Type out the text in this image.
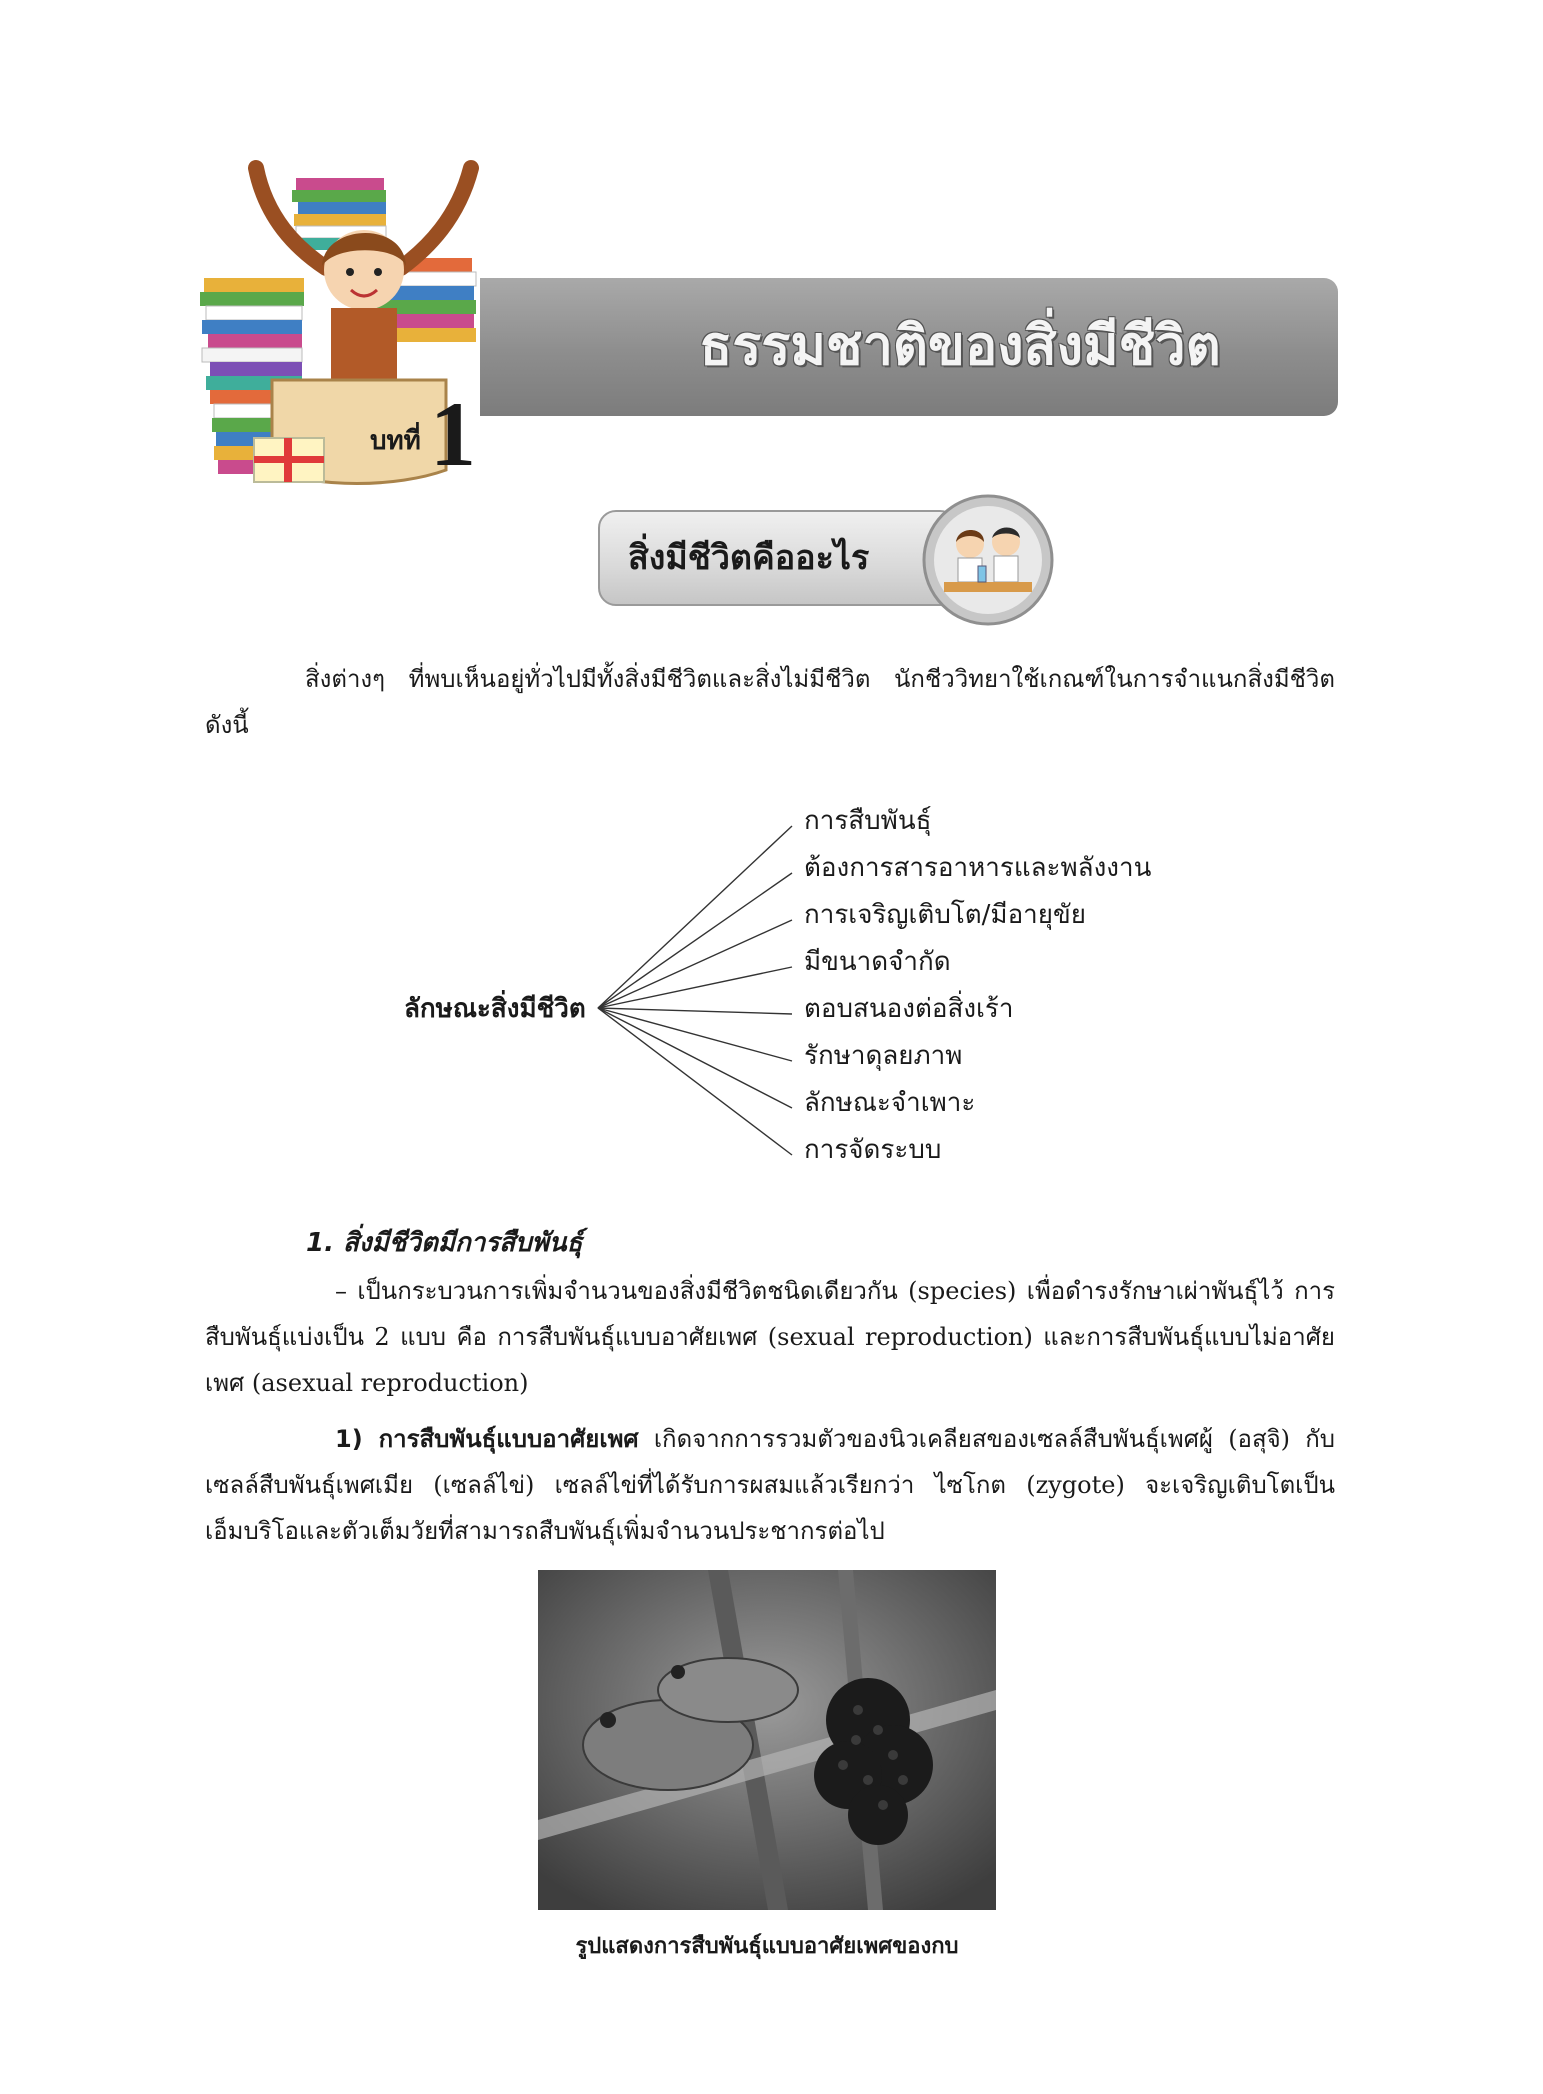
ธรรมชาติของสิ่งมีชีวิต
บทที่ 1
สิ่งมีชีวิตคืออะไร
สิ่งต่างๆ ที่พบเห็นอยู่ทั่วไปมีทั้งสิ่งมีชีวิตและสิ่งไม่มีชีวิต นักชีววิทยาใช้เกณฑ์ในการจำแนกสิ่งมีชีวิตดังนี้
ลักษณะสิ่งมีชีวิต
การสืบพันธุ์
ต้องการสารอาหารและพลังงาน
การเจริญเติบโต/มีอายุขัย
มีขนาดจำกัด
ตอบสนองต่อสิ่งเร้า
รักษาดุลยภาพ
ลักษณะจำเพาะ
การจัดระบบ
1. สิ่งมีชีวิตมีการสืบพันธุ์
– เป็นกระบวนการเพิ่มจำนวนของสิ่งมีชีวิตชนิดเดียวกัน (species) เพื่อดำรงรักษาเผ่าพันธุ์ไว้ การสืบพันธุ์แบ่งเป็น 2 แบบ คือ การสืบพันธุ์แบบอาศัยเพศ (sexual reproduction) และการสืบพันธุ์แบบไม่อาศัยเพศ (asexual reproduction)
1) การสืบพันธุ์แบบอาศัยเพศ เกิดจากการรวมตัวของนิวเคลียสของเซลล์สืบพันธุ์เพศผู้ (อสุจิ) กับเซลล์สืบพันธุ์เพศเมีย (เซลล์ไข่) เซลล์ไข่ที่ได้รับการผสมแล้วเรียกว่า ไซโกต (zygote) จะเจริญเติบโตเป็นเอ็มบริโอและตัวเต็มวัยที่สามารถสืบพันธุ์เพิ่มจำนวนประชากรต่อไป
รูปแสดงการสืบพันธุ์แบบอาศัยเพศของกบ
